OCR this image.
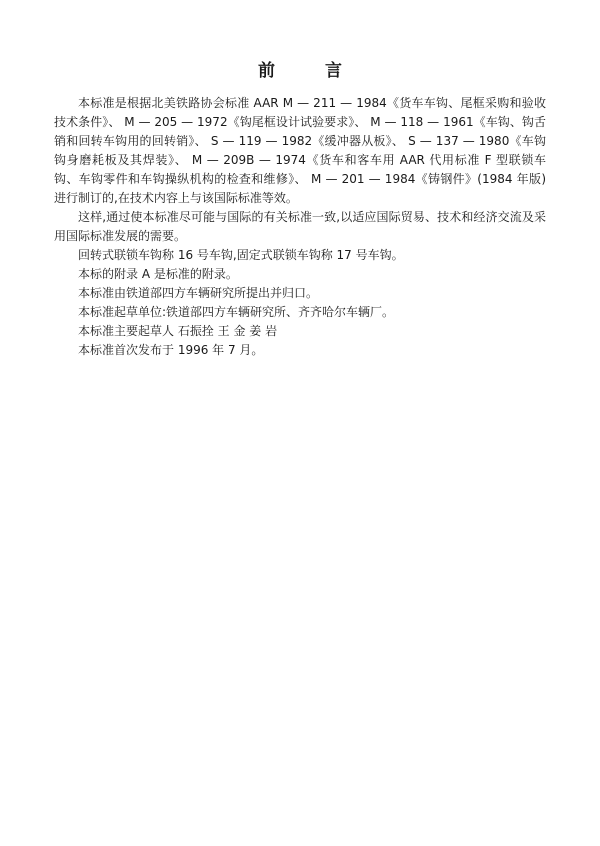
前 言

本标准是根据北美铁路协会标准 AAR M — 211 — 1984《货车车钩、尾框采购和验收技术条件》、 M — 205 — 1972《钩尾框设计试验要求》、 M — 118 — 1961《车钩、钩舌销和回转车钩用的回转销》、 S — 119 — 1982《缓冲器从板》、 S — 137 — 1980《车钩钩身磨耗板及其焊装》、 M — 209B — 1974《货车和客车用 AAR 代用标准 F 型联锁车钩、车钩零件和车钩操纵机构的检查和维修》、 M — 201 — 1984《铸钢件》(1984 年版)进行制订的,在技术内容上与该国际标准等效。

这样,通过使本标准尽可能与国际的有关标准一致,以适应国际贸易、技术和经济交流及采用国际标准发展的需要。

回转式联锁车钩称 16 号车钩,固定式联锁车钩称 17 号车钩。

本标的附录 A 是标准的附录。

本标准由铁道部四方车辆研究所提出并归口。

本标准起草单位:铁道部四方车辆研究所、齐齐哈尔车辆厂。

本标准主要起草人 石振拴 王 金 姜 岩

本标准首次发布于 1996 年 7 月。
